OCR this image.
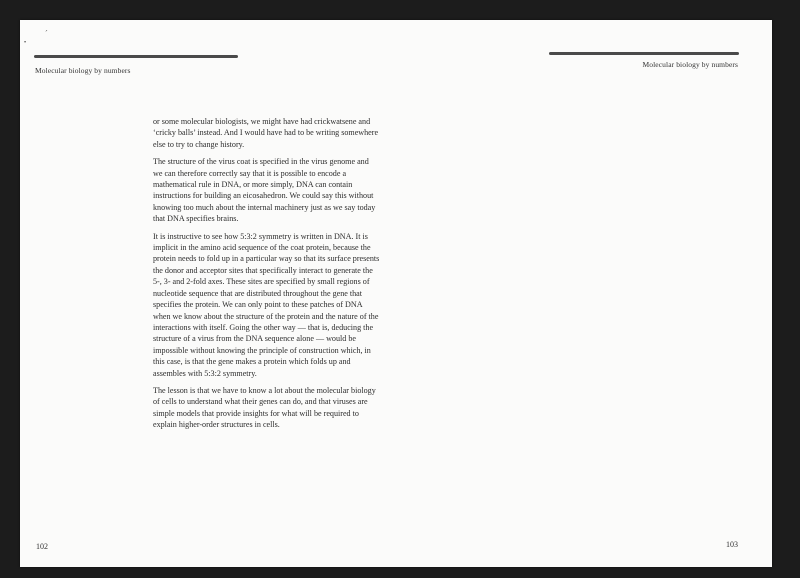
•
ˊ
Molecular biology by numbers
Molecular biology by numbers

or some molecular biologists, we might have had crickwatsene and ‘cricky balls’ instead. And I would have had to be writing somewhere else to try to change history.

The structure of the virus coat is specified in the virus genome and we can therefore correctly say that it is possible to encode a mathematical rule in DNA, or more simply, DNA can contain instructions for building an eicosahedron. We could say this without knowing too much about the internal machinery just as we say today that DNA specifies brains.

It is instructive to see how 5:3:2 symmetry is written in DNA. It is implicit in the amino acid sequence of the coat protein, because the protein needs to fold up in a particular way so that its surface presents the donor and acceptor sites that specifically interact to generate the 5-, 3- and 2-fold axes. These sites are specified by small regions of nucleotide sequence that are distributed throughout the gene that specifies the protein. We can only point to these patches of DNA when we know about the structure of the protein and the nature of the interactions with itself. Going the other way — that is, deducing the structure of a virus from the DNA sequence alone — would be impossible without knowing the principle of construction which, in this case, is that the gene makes a protein which folds up and assembles with 5:3:2 symmetry.

The lesson is that we have to know a lot about the molecular biology of cells to understand what their genes can do, and that viruses are simple models that provide insights for what will be required to explain higher-order structures in cells.

102	103
